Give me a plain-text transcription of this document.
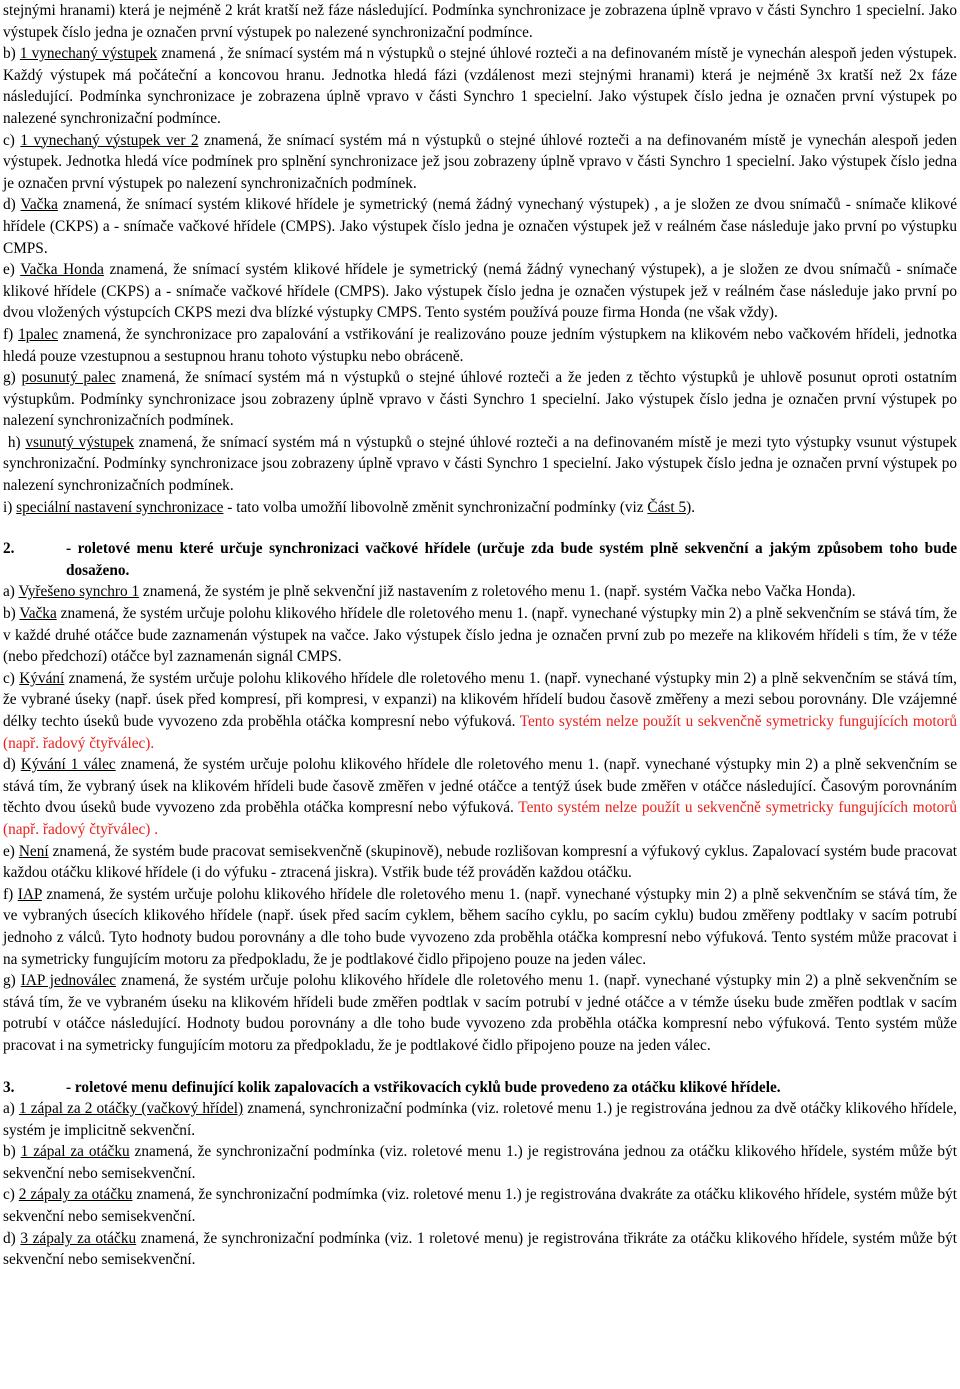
stejnými hranami) která je nejméně 2 krát kratší než fáze následující. Podmínka synchronizace je zobrazena úplně vpravo v části Synchro 1 specielní. Jako výstupek číslo jedna je označen první výstupek po nalezené synchronizační podmínce.

b) 1 vynechaný výstupek znamená , že snímací systém má n výstupků o stejné úhlové rozteči a na definovaném místě je vynechán alespoň jeden výstupek. Každý výstupek má počáteční a koncovou hranu. Jednotka hledá fázi (vzdálenost mezi stejnými hranami) která je nejméně 3x kratší než 2x fáze následující. Podmínka synchronizace je zobrazena úplně vpravo v části Synchro 1 specielní. Jako výstupek číslo jedna je označen první výstupek po nalezené synchronizační podmínce.

c) 1 vynechaný výstupek ver 2 znamená, že snímací systém má n výstupků o stejné úhlové rozteči a na definovaném místě je vynechán alespoň jeden výstupek. Jednotka hledá více podmínek pro splnění synchronizace jež jsou zobrazeny úplně vpravo v části Synchro 1 specielní. Jako výstupek číslo jedna je označen první výstupek po nalezení synchronizačních podmínek.

d) Vačka znamená, že snímací systém klikové hřídele je symetrický (nemá žádný vynechaný výstupek) , a je složen ze dvou snímačů - snímače klikové hřídele (CKPS) a - snímače vačkové hřídele (CMPS). Jako výstupek číslo jedna je označen výstupek jež v reálném čase následuje jako první po výstupku CMPS.

e) Vačka Honda znamená, že snímací systém klikové hřídele je symetrický (nemá žádný vynechaný výstupek), a je složen ze dvou snímačů - snímače klikové hřídele (CKPS) a - snímače vačkové hřídele (CMPS). Jako výstupek číslo jedna je označen výstupek jež v reálném čase následuje jako první po dvou vložených výstupcích CKPS mezi dva blízké výstupky CMPS. Tento systém používá pouze firma Honda (ne však vždy).

f) 1palec znamená, že synchronizace pro zapalování a vstřikování je realizováno pouze jedním výstupkem na klikovém nebo vačkovém hřídeli, jednotka hledá pouze vzestupnou a sestupnou hranu tohoto výstupku nebo obráceně.

g) posunutý palec znamená, že snímací systém má n výstupků o stejné úhlové rozteči a že jeden z těchto výstupků je uhlově posunut oproti ostatním výstupkům. Podmínky synchronizace jsou zobrazeny úplně vpravo v části Synchro 1 specielní. Jako výstupek číslo jedna je označen první výstupek po nalezení synchronizačních podmínek.

h) vsunutý výstupek znamená, že snímací systém má n výstupků o stejné úhlové rozteči a na definovaném místě je mezi tyto výstupky vsunut výstupek synchronizační. Podmínky synchronizace jsou zobrazeny úplně vpravo v části Synchro 1 specielní. Jako výstupek číslo jedna je označen první výstupek po nalezení synchronizačních podmínek.

i) speciální nastavení synchronizace - tato volba umožňí libovolně změnit synchronizační podmínky (viz Část 5).

2.	- roletové menu které určuje synchronizaci vačkové hřídele (určuje zda bude systém plně sekvenční a jakým způsobem toho bude dosaženo.

a) Vyřešeno synchro 1 znamená, že systém je plně sekvenční již nastavením z roletového menu 1. (např. systém Vačka nebo Vačka Honda).

b) Vačka znamená, že systém určuje polohu klikového hřídele dle roletového menu 1. (např. vynechané výstupky min 2) a plně sekvenčním se stává tím, že v každé druhé otáčce bude zaznamenán výstupek na vačce. Jako výstupek číslo jedna je označen první zub po mezeře na klikovém hřídeli s tím, že v téže (nebo předchozí) otáčce byl zaznamenán signál CMPS.

c) Kývání znamená, že systém určuje polohu klikového hřídele dle roletového menu 1. (např. vynechané výstupky min 2) a plně sekvenčním se stává tím, že vybrané úseky (např. úsek před kompresí, při kompresi, v expanzi) na klikovém hřídelí budou časově změřeny a mezi sebou porovnány. Dle vzájemné délky techto úseků bude vyvozeno zda proběhla otáčka kompresní nebo výfuková. Tento systém nelze použít u sekvenčně symetricky fungujících motorů (např. řadový čtyřválec).

d) Kývání 1 válec znamená, že systém určuje polohu klikového hřídele dle roletového menu 1. (např. vynechané výstupky min 2) a plně sekvenčním se stává tím, že vybraný úsek na klikovém hřídeli bude časově změřen v jedné otáčce a tentýž úsek bude změřen v otáčce následující. Časovým porovnáním těchto dvou úseků bude vyvozeno zda proběhla otáčka kompresní nebo výfuková. Tento systém nelze použít u sekvenčně symetricky fungujících motorů (např. řadový čtyřválec) .

e) Není znamená, že systém bude pracovat semisekvenčně (skupinově), nebude rozlišovan kompresní a výfukový cyklus. Zapalovací systém bude pracovat každou otáčku klikové hřídele (i do výfuku - ztracená jiskra). Vstřik bude též prováděn každou otáčku.

f) IAP znamená, že systém určuje polohu klikového hřídele dle roletového menu 1. (např. vynechané výstupky min 2) a plně sekvenčním se stává tím, že ve vybraných úsecích klikového hřídele (např. úsek před sacím cyklem, během sacího cyklu, po sacím cyklu) budou změřeny podtlaky v sacím potrubí jednoho z válců. Tyto hodnoty budou porovnány a dle toho bude vyvozeno zda proběhla otáčka kompresní nebo výfuková. Tento systém může pracovat i na symetricky fungujícím motoru za předpokladu, že je podtlakové čidlo připojeno pouze na jeden válec.

g) IAP jednoválec znamená, že systém určuje polohu klikového hřídele dle roletového menu 1. (např. vynechané výstupky min 2) a plně sekvenčním se stává tím, že ve vybraném úseku na klikovém hřídeli bude změřen podtlak v sacím potrubí v jedné otáčce a v témže úseku bude změřen podtlak v sacím potrubí v otáčce následující. Hodnoty budou porovnány a dle toho bude vyvozeno zda proběhla otáčka kompresní nebo výfuková. Tento systém může pracovat i na symetricky fungujícím motoru za předpokladu, že je podtlakové čidlo připojeno pouze na jeden válec.

3.	- roletové menu definující kolik zapalovacích a vstřikovacích cyklů bude provedeno za otáčku klikové hřídele.

a) 1 zápal za 2 otáčky (vačkový hřídel) znamená, synchronizační podmínka (viz. roletové menu 1.) je registrována jednou za dvě otáčky klikového hřídele, systém je implicitně sekvenční.

b) 1 zápal za otáčku znamená, že synchronizační podmínka (viz. roletové menu 1.) je registrována jednou za otáčku klikového hřídele, systém může být sekvenční nebo semisekvenční.

c) 2 zápaly za otáčku znamená, že synchronizační podmímka (viz. roletové menu 1.) je registrována dvakráte za otáčku klikového hřídele, systém může být sekvenční nebo semisekvenční.

d) 3 zápaly za otáčku znamená, že synchronizační podmínka (viz. 1 roletové menu) je registrována třikráte za otáčku klikového hřídele, systém může být sekvenční nebo semisekvenční.
